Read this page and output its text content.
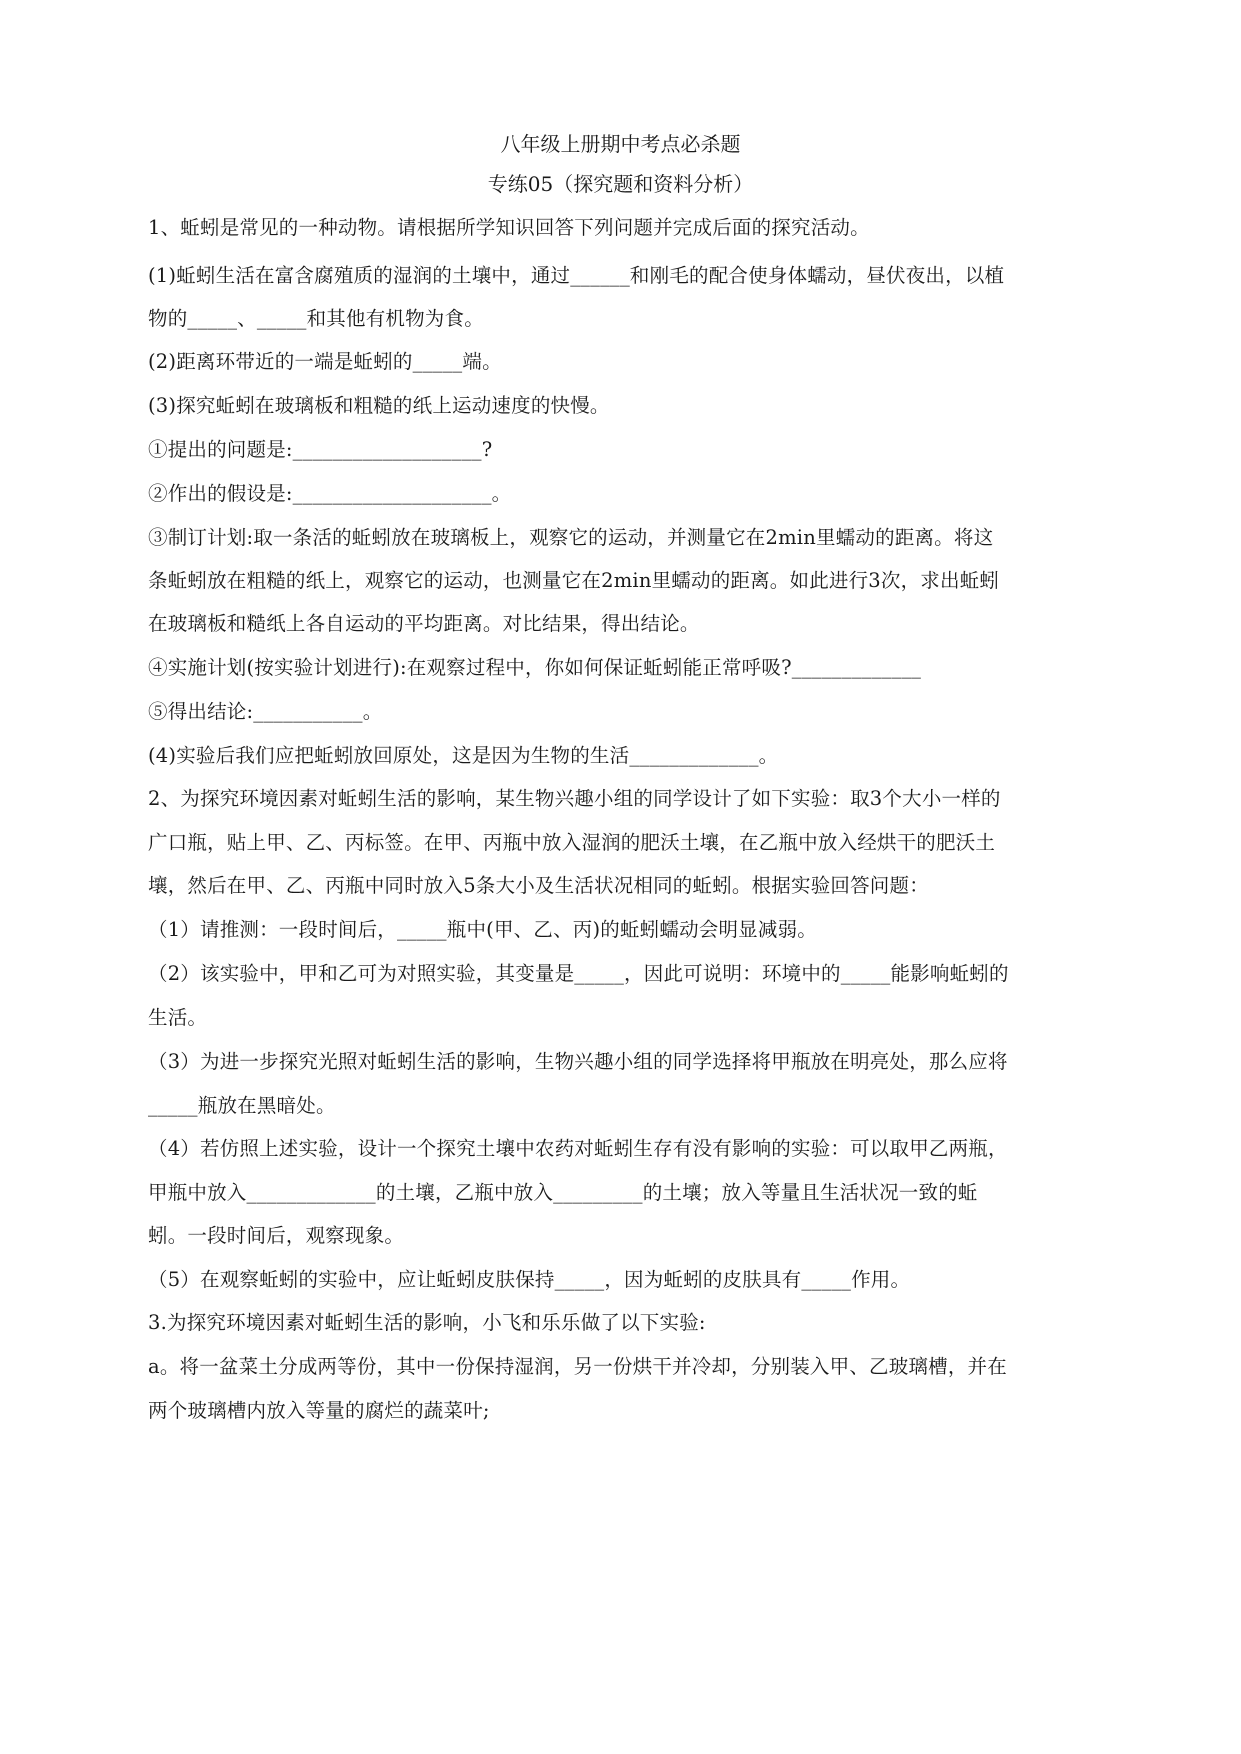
八年级上册期中考点必杀题
专练05（探究题和资料分析）
1、蚯蚓是常见的一种动物。请根据所学知识回答下列问题并完成后面的探究活动。
(1)蚯蚓生活在富含腐殖质的湿润的土壤中，通过______和刚毛的配合使身体蠕动，昼伏夜出，以植
物的_____、_____和其他有机物为食。
(2)距离环带近的一端是蚯蚓的_____端。
(3)探究蚯蚓在玻璃板和粗糙的纸上运动速度的快慢。
①提出的问题是:___________________?
②作出的假设是:____________________。
③制订计划:取一条活的蚯蚓放在玻璃板上，观察它的运动，并测量它在2min里蠕动的距离。将这
条蚯蚓放在粗糙的纸上，观察它的运动，也测量它在2min里蠕动的距离。如此进行3次，求出蚯蚓
在玻璃板和糙纸上各自运动的平均距离。对比结果，得出结论。
④实施计划(按实验计划进行):在观察过程中，你如何保证蚯蚓能正常呼吸?_____________
⑤得出结论:___________。
(4)实验后我们应把蚯蚓放回原处，这是因为生物的生活_____________。
2、为探究环境因素对蚯蚓生活的影响，某生物兴趣小组的同学设计了如下实验：取3个大小一样的
广口瓶，贴上甲、乙、丙标签。在甲、丙瓶中放入湿润的肥沃土壤，在乙瓶中放入经烘干的肥沃土
壤，然后在甲、乙、丙瓶中同时放入5条大小及生活状况相同的蚯蚓。根据实验回答问题：
（1）请推测：一段时间后，_____瓶中(甲、乙、丙)的蚯蚓蠕动会明显减弱。
（2）该实验中，甲和乙可为对照实验，其变量是_____，因此可说明：环境中的_____能影响蚯蚓的
生活。
（3）为进一步探究光照对蚯蚓生活的影响，生物兴趣小组的同学选择将甲瓶放在明亮处，那么应将
_____瓶放在黑暗处。
（4）若仿照上述实验，设计一个探究土壤中农药对蚯蚓生存有没有影响的实验：可以取甲乙两瓶，
甲瓶中放入_____________的土壤，乙瓶中放入_________的土壤；放入等量且生活状况一致的蚯
蚓。一段时间后，观察现象。
（5）在观察蚯蚓的实验中，应让蚯蚓皮肤保持_____，因为蚯蚓的皮肤具有_____作用。
3.为探究环境因素对蚯蚓生活的影响，小飞和乐乐做了以下实验:
a。将一盆菜土分成两等份，其中一份保持湿润，另一份烘干并冷却，分别装入甲、乙玻璃槽，并在
两个玻璃槽内放入等量的腐烂的蔬菜叶;
